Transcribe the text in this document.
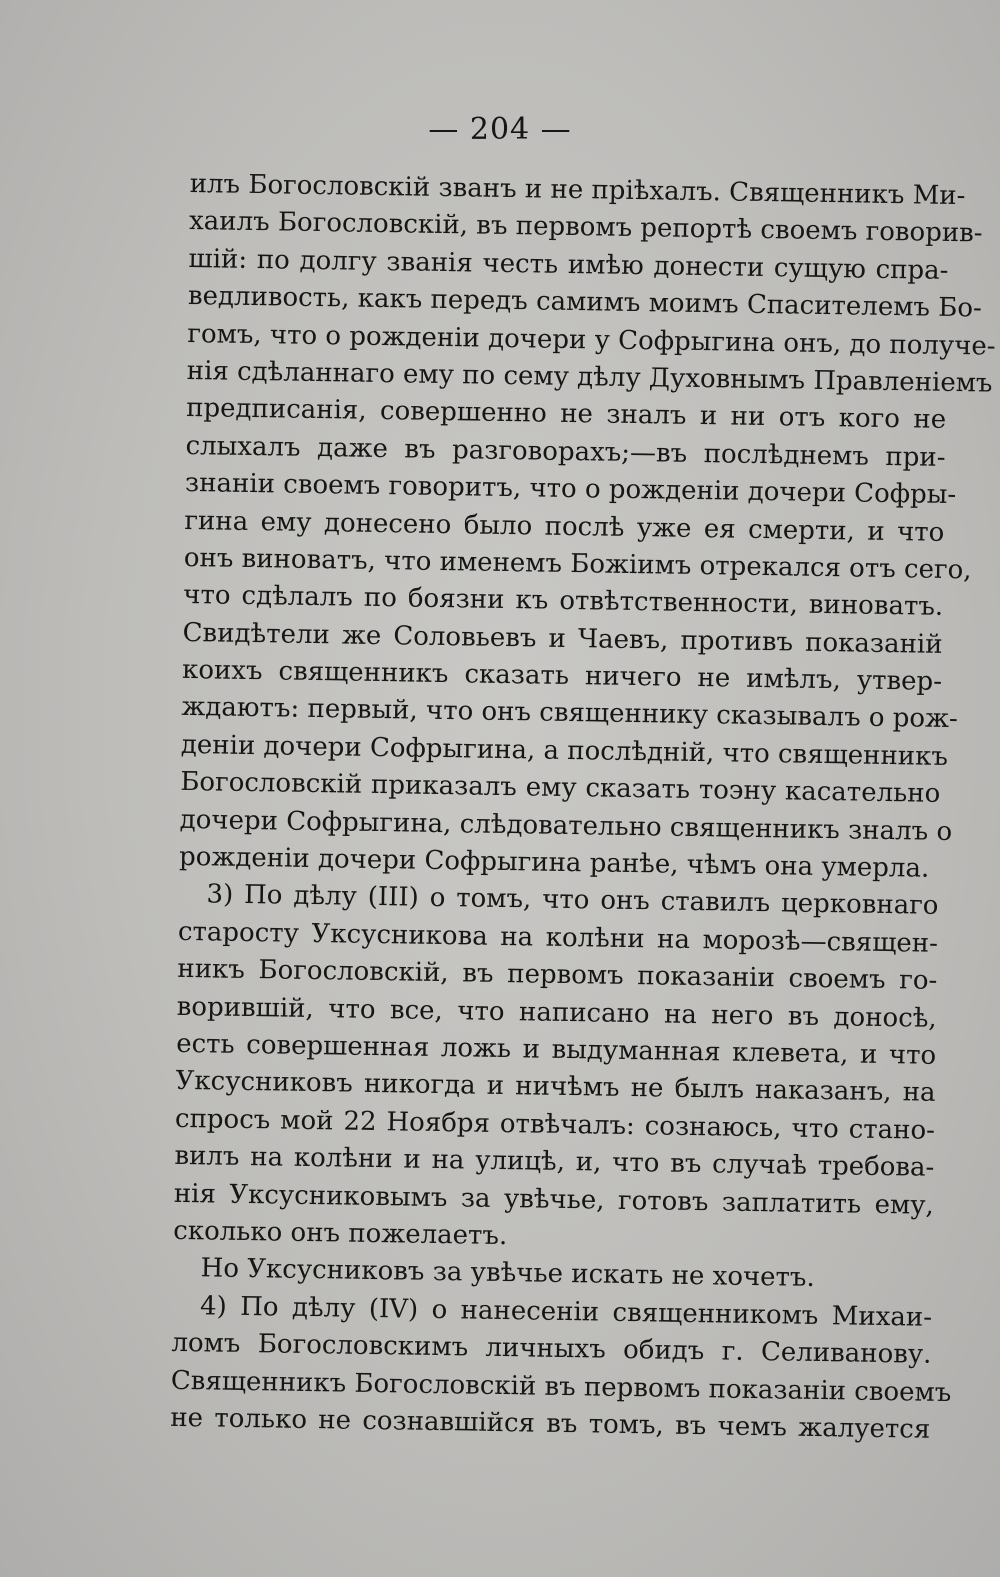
— 204 —
илъ Богословскій званъ и не пріѣхалъ. Священникъ Ми-
хаилъ Богословскій, въ первомъ репортѣ своемъ говорив-
шій: по долгу званія честь имѣю донести сущую спра-
ведливость, какъ передъ самимъ моимъ Спасителемъ Бо-
гомъ, что о рожденіи дочери у Софрыгина онъ, до получе-
нія сдѣланнаго ему по сему дѣлу Духовнымъ Правленіемъ
предписанія, совершенно не зналъ и ни отъ кого не
слыхалъ даже въ разговорахъ;—въ послѣднемъ при-
знаніи своемъ говоритъ, что о рожденіи дочери Софры-
гина ему донесено было послѣ уже ея смерти, и что
онъ виноватъ, что именемъ Божіимъ отрекался отъ сего,
что сдѣлалъ по боязни къ отвѣтственности, виноватъ.
Свидѣтели же Соловьевъ и Чаевъ, противъ показаній
коихъ священникъ сказать ничего не имѣлъ, утвер-
ждаютъ: первый, что онъ священнику сказывалъ о рож-
деніи дочери Софрыгина, а послѣдній, что священникъ
Богословскій приказалъ ему сказать тоэну касательно
дочери Софрыгина, слѣдовательно священникъ зналъ о
рожденіи дочери Софрыгина ранѣе, чѣмъ она умерла.
3) По дѣлу (III) о томъ, что онъ ставилъ церковнаго
старосту Уксусникова на колѣни на морозѣ—священ-
никъ Богословскій, въ первомъ показаніи своемъ го-
ворившій, что все, что написано на него въ доносѣ,
есть совершенная ложь и выдуманная клевета, и что
Уксусниковъ никогда и ничѣмъ не былъ наказанъ, на
спросъ мой 22 Ноября отвѣчалъ: сознаюсь, что стано-
вилъ на колѣни и на улицѣ, и, что въ случаѣ требова-
нія Уксусниковымъ за увѣчье, готовъ заплатить ему,
сколько онъ пожелаетъ.
Но Уксусниковъ за увѣчье искать не хочетъ.
4) По дѣлу (IV) о нанесеніи священникомъ Михаи-
ломъ Богословскимъ личныхъ обидъ г. Селиванову.
Священникъ Богословскій въ первомъ показаніи своемъ
не только не сознавшійся въ томъ, въ чемъ жалуется
